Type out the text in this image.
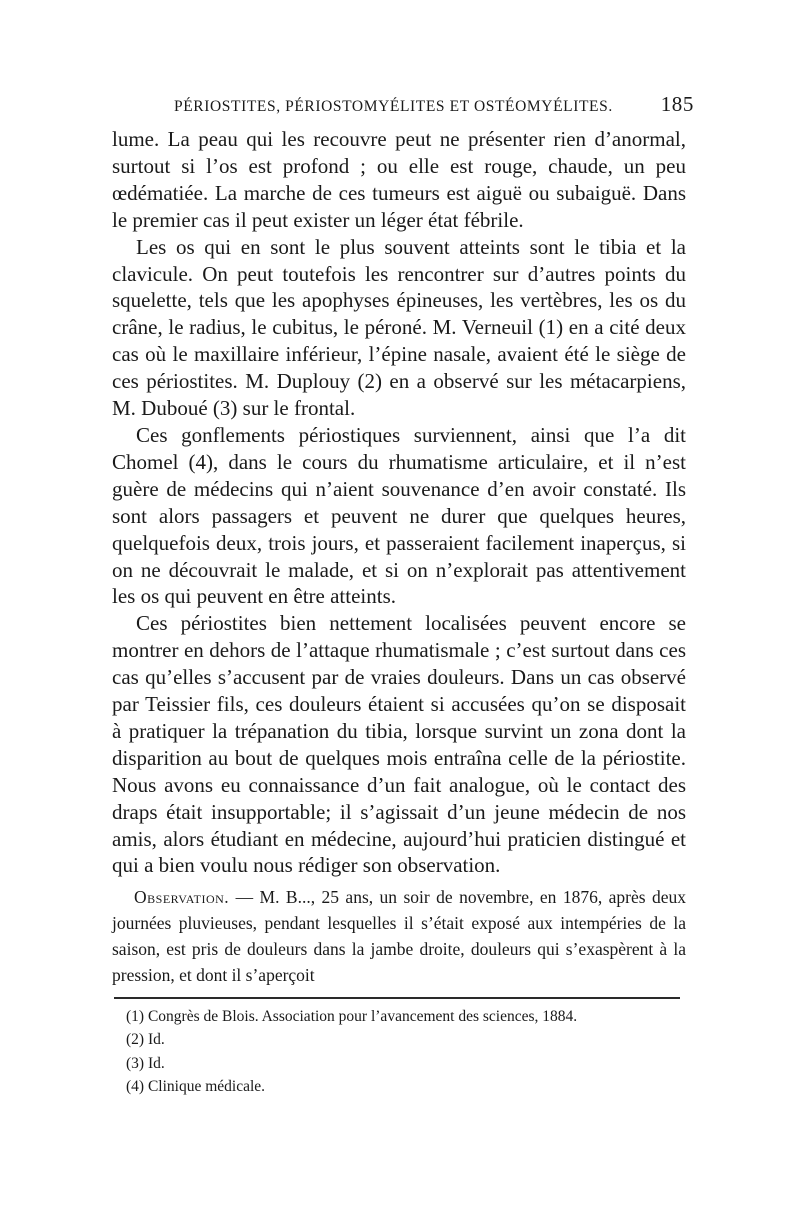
PÉRIOSTITES, PÉRIOSTOMYÉLITES ET OSTÉOMYÉLITES. 185

lume. La peau qui les recouvre peut ne présenter rien d’anormal, surtout si l’os est profond ; ou elle est rouge, chaude, un peu œdématiée. La marche de ces tumeurs est aiguë ou subaiguë. Dans le premier cas il peut exister un léger état fébrile.

Les os qui en sont le plus souvent atteints sont le tibia et la clavicule. On peut toutefois les rencontrer sur d’autres points du squelette, tels que les apophyses épineuses, les vertèbres, les os du crâne, le radius, le cubitus, le péroné. M. Verneuil (1) en a cité deux cas où le maxillaire inférieur, l’épine nasale, avaient été le siège de ces périostites. M. Duplouy (2) en a observé sur les métacarpiens, M. Duboué (3) sur le frontal.

Ces gonflements périostiques surviennent, ainsi que l’a dit Chomel (4), dans le cours du rhumatisme articulaire, et il n’est guère de médecins qui n’aient souvenance d’en avoir constaté. Ils sont alors passagers et peuvent ne durer que quelques heures, quelquefois deux, trois jours, et passeraient facilement inaperçus, si on ne découvrait le malade, et si on n’explorait pas attentivement les os qui peuvent en être atteints.

Ces périostites bien nettement localisées peuvent encore se montrer en dehors de l’attaque rhumatismale ; c’est surtout dans ces cas qu’elles s’accusent par de vraies douleurs. Dans un cas observé par Teissier fils, ces douleurs étaient si accusées qu’on se disposait à pratiquer la trépanation du tibia, lorsque survint un zona dont la disparition au bout de quelques mois entraîna celle de la périostite. Nous avons eu connaissance d’un fait analogue, où le contact des draps était insupportable; il s’agissait d’un jeune médecin de nos amis, alors étudiant en médecine, aujourd’hui praticien distingué et qui a bien voulu nous rédiger son observation.

Observation. — M. B..., 25 ans, un soir de novembre, en 1876, après deux journées pluvieuses, pendant lesquelles il s’était exposé aux intempéries de la saison, est pris de douleurs dans la jambe droite, douleurs qui s’exaspèrent à la pression, et dont il s’aperçoit
(1) Congrès de Blois. Association pour l’avancement des sciences, 1884.
(2) Id.
(3) Id.
(4) Clinique médicale.
